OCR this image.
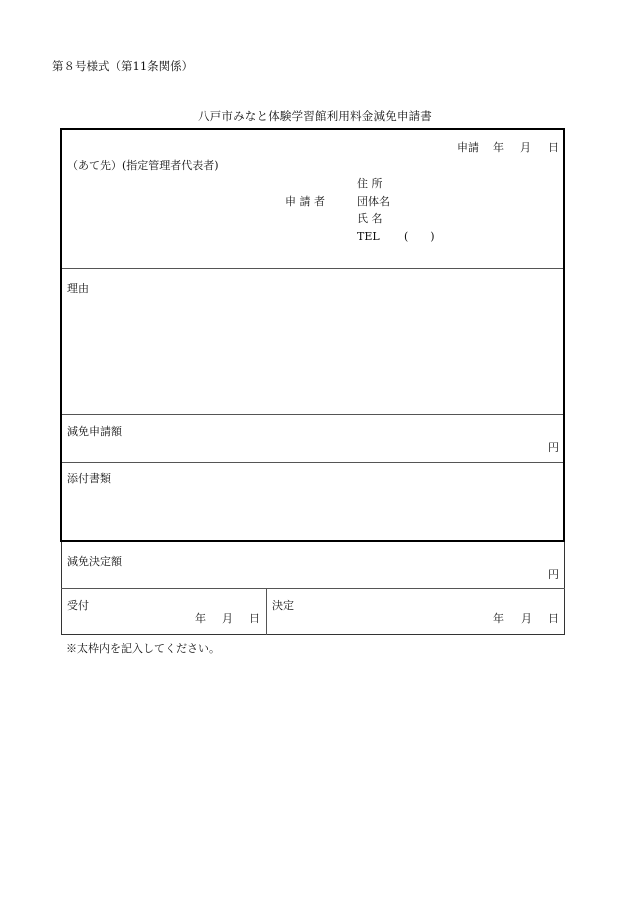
第８号様式（第11条関係）
八戸市みなと体験学習館利用料金減免申請書
申請 年 月 日
（あて先）(指定管理者代表者)
申 請 者
住 所
団体名
氏 名
TEL (　　)
理由
減免申請額
円
添付書類
減免決定額
円
受付
年 月 日
決定
年 月 日
※太枠内を記入してください。
